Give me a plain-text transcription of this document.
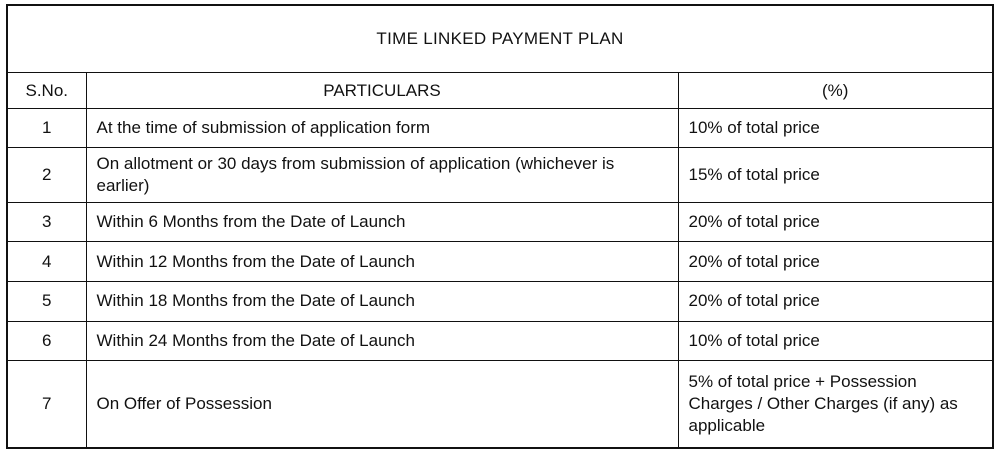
TIME LINKED PAYMENT PLAN		
S.No.	PARTICULARS	(%)
1	At the time of submission of application form	10% of total price
2	On allotment or 30 days from submission of application (whichever is earlier)	15% of total price
3	Within 6 Months from the Date of Launch	20% of total price
4	Within 12 Months from the Date of Launch	20% of total price
5	Within 18 Months from the Date of Launch	20% of total price
6	Within 24 Months from the Date of Launch	10% of total price
7	On Offer of Possession	5% of total price + Possession Charges / Other Charges (if any) as applicable
